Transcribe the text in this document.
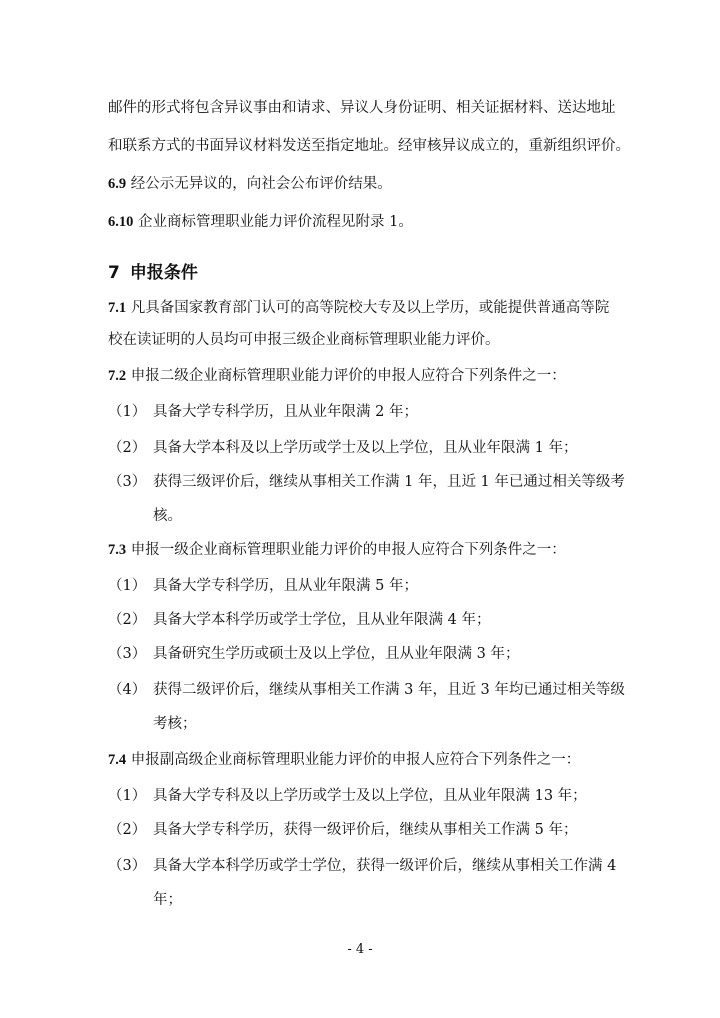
邮件的形式将包含异议事由和请求、异议人身份证明、相关证据材料、送达地址
和联系方式的书面异议材料发送至指定地址。经审核异议成立的，重新组织评价。
6.9 经公示无异议的，向社会公布评价结果。
6.10 企业商标管理职业能力评价流程见附录 1。
7 申报条件
7.1 凡具备国家教育部门认可的高等院校大专及以上学历，或能提供普通高等院
校在读证明的人员均可申报三级企业商标管理职业能力评价。
7.2 申报二级企业商标管理职业能力评价的申报人应符合下列条件之一：
（1） 具备大学专科学历，且从业年限满 2 年；
（2） 具备大学本科及以上学历或学士及以上学位，且从业年限满 1 年；
（3） 获得三级评价后，继续从事相关工作满 1 年，且近 1 年已通过相关等级考
核。
7.3 申报一级企业商标管理职业能力评价的申报人应符合下列条件之一：
（1） 具备大学专科学历，且从业年限满 5 年；
（2） 具备大学本科学历或学士学位，且从业年限满 4 年；
（3） 具备研究生学历或硕士及以上学位，且从业年限满 3 年；
（4） 获得二级评价后，继续从事相关工作满 3 年，且近 3 年均已通过相关等级
考核；
7.4 申报副高级企业商标管理职业能力评价的申报人应符合下列条件之一：
（1） 具备大学专科及以上学历或学士及以上学位，且从业年限满 13 年；
（2） 具备大学专科学历，获得一级评价后，继续从事相关工作满 5 年；
（3） 具备大学本科学历或学士学位，获得一级评价后，继续从事相关工作满 4
年；
- 4 -
